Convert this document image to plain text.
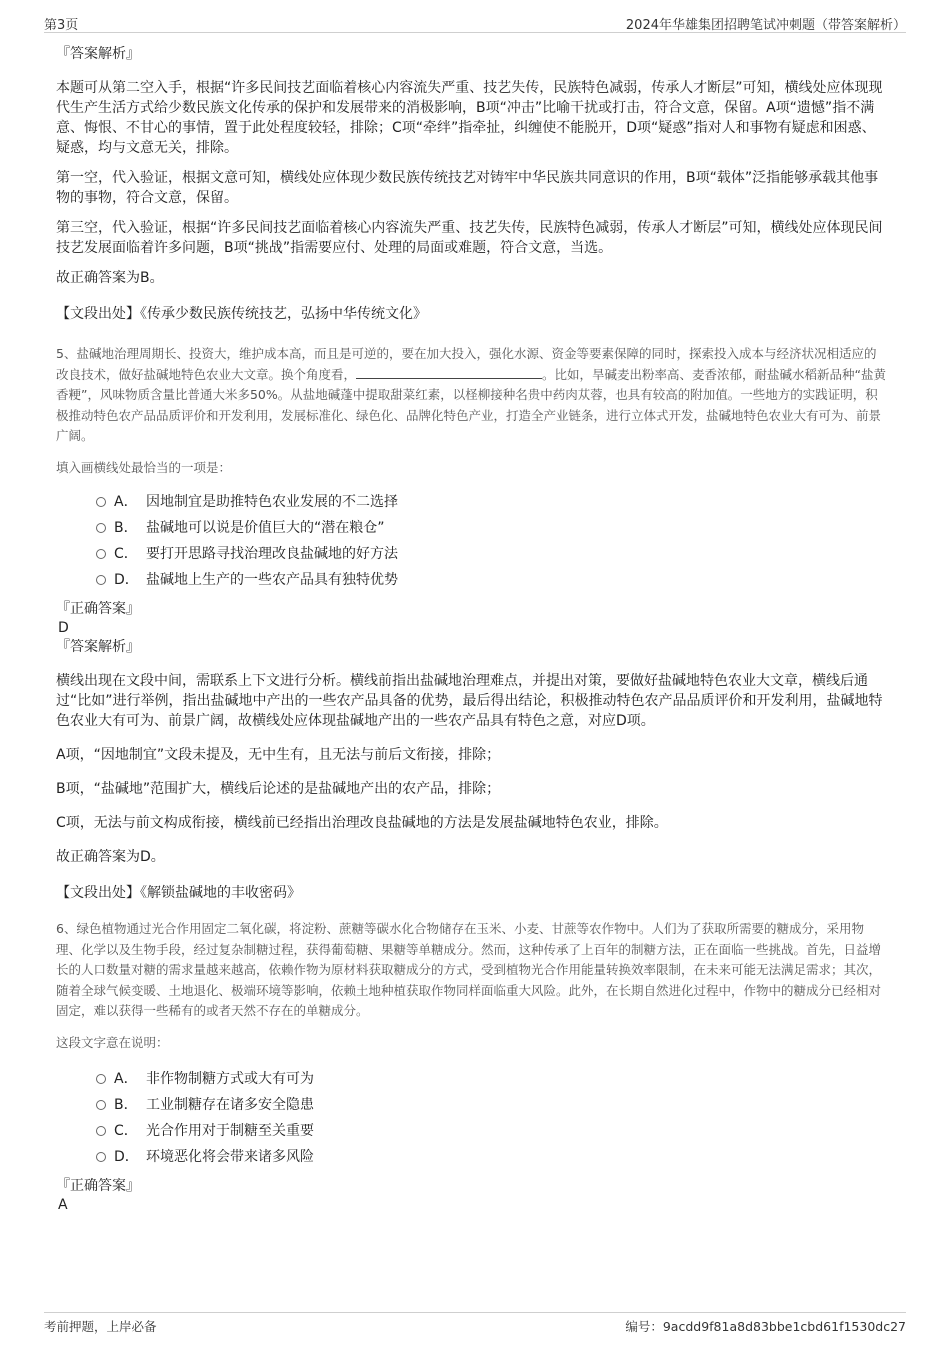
第3页	2024年华雄集团招聘笔试冲刺题（带答案解析）

『答案解析』

本题可从第二空入手，根据“许多民间技艺面临着核心内容流失严重、技艺失传，民族特色减弱，传承人才断层”可知，横线处应体现现代生产生活方式给少数民族文化传承的保护和发展带来的消极影响，B项“冲击”比喻干扰或打击，符合文意，保留。A项“遗憾”指不满意、悔恨、不甘心的事情，置于此处程度较轻，排除；C项“牵绊”指牵扯，纠缠使不能脱开，D项“疑惑”指对人和事物有疑虑和困惑、疑惑，均与文意无关，排除。

第一空，代入验证，根据文意可知，横线处应体现少数民族传统技艺对铸牢中华民族共同意识的作用，B项“载体”泛指能够承载其他事物的事物，符合文意，保留。

第三空，代入验证，根据“许多民间技艺面临着核心内容流失严重、技艺失传，民族特色减弱，传承人才断层”可知，横线处应体现民间技艺发展面临着许多问题，B项“挑战”指需要应付、处理的局面或难题，符合文意，当选。

故正确答案为B。

【文段出处】《传承少数民族传统技艺，弘扬中华传统文化》

5、盐碱地治理周期长、投资大，维护成本高，而且是可逆的，要在加大投入，强化水源、资金等要素保障的同时，探索投入成本与经济状况相适应的改良技术，做好盐碱地特色农业大文章。换个角度看，	。比如，旱碱麦出粉率高、麦香浓郁，耐盐碱水稻新品种“盐黄香粳”，风味物质含量比普通大米多50%。从盐地碱蓬中提取甜菜红素，以柽柳接种名贵中药肉苁蓉，也具有较高的附加值。一些地方的实践证明，积极推动特色农产品品质评价和开发利用，发展标准化、绿色化、品牌化特色产业，打造全产业链条，进行立体式开发，盐碱地特色农业大有可为、前景广阔。

填入画横线处最恰当的一项是：

A． 因地制宜是助推特色农业发展的不二选择
B． 盐碱地可以说是价值巨大的“潜在粮仓”
C． 要打开思路寻找治理改良盐碱地的好方法
D． 盐碱地上生产的一些农产品具有独特优势

『正确答案』

D

『答案解析』

横线出现在文段中间，需联系上下文进行分析。横线前指出盐碱地治理难点，并提出对策，要做好盐碱地特色农业大文章，横线后通过“比如”进行举例，指出盐碱地中产出的一些农产品具备的优势，最后得出结论，积极推动特色农产品品质评价和开发利用，盐碱地特色农业大有可为、前景广阔，故横线处应体现盐碱地产出的一些农产品具有特色之意，对应D项。

A项，“因地制宜”文段未提及，无中生有，且无法与前后文衔接，排除；

B项，“盐碱地”范围扩大，横线后论述的是盐碱地产出的农产品，排除；

C项，无法与前文构成衔接，横线前已经指出治理改良盐碱地的方法是发展盐碱地特色农业，排除。

故正确答案为D。

【文段出处】《解锁盐碱地的丰收密码》

6、绿色植物通过光合作用固定二氧化碳，将淀粉、蔗糖等碳水化合物储存在玉米、小麦、甘蔗等农作物中。人们为了获取所需要的糖成分，采用物理、化学以及生物手段，经过复杂制糖过程，获得葡萄糖、果糖等单糖成分。然而，这种传承了上百年的制糖方法，正在面临一些挑战。首先，日益增长的人口数量对糖的需求量越来越高，依赖作物为原材料获取糖成分的方式，受到植物光合作用能量转换效率限制，在未来可能无法满足需求；其次，随着全球气候变暖、土地退化、极端环境等影响，依赖土地种植获取作物同样面临重大风险。此外，在长期自然进化过程中，作物中的糖成分已经相对固定，难以获得一些稀有的或者天然不存在的单糖成分。

这段文字意在说明：

A． 非作物制糖方式或大有可为
B． 工业制糖存在诸多安全隐患
C． 光合作用对于制糖至关重要
D． 环境恶化将会带来诸多风险

『正确答案』

A

考前押题，上岸必备	编号：9acdd9f81a8d83bbe1cbd61f1530dc27
